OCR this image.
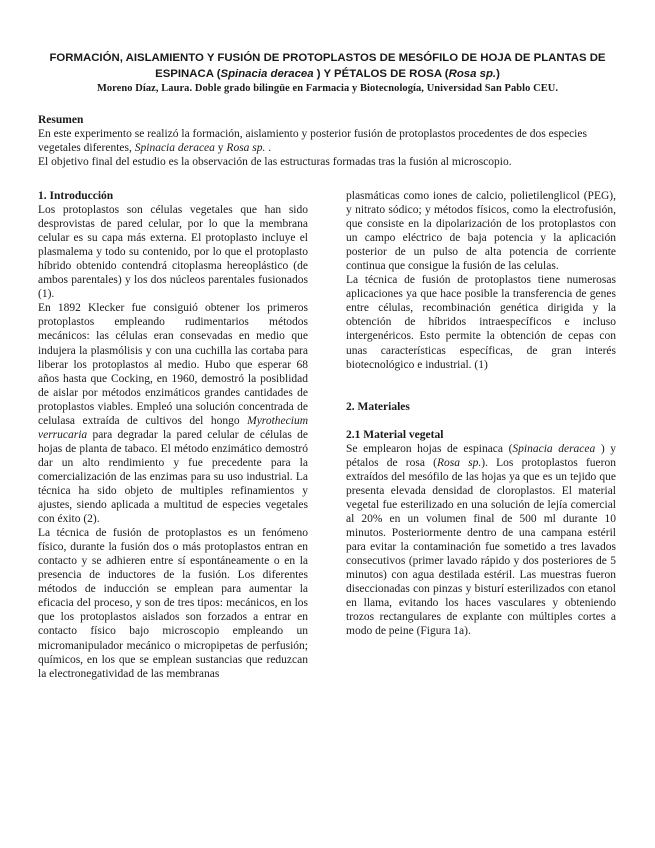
FORMACIÓN, AISLAMIENTO Y FUSIÓN DE PROTOPLASTOS DE MESÓFILO DE HOJA DE PLANTAS DE
ESPINACA (Spinacia deracea ) Y PÉTALOS DE ROSA (Rosa sp.)
Moreno Díaz, Laura. Doble grado bilingüe en Farmacia y Biotecnología, Universidad San Pablo CEU.
Resumen

En este experimento se realizó la formación, aislamiento y posterior fusión de protoplastos procedentes de dos especies vegetales diferentes, Spinacia deracea y Rosa sp. .

El objetivo final del estudio es la observación de las estructuras formadas tras la fusión al microscopio.

1. Introducción

Los protoplastos son células vegetales que han sido desprovistas de pared celular, por lo que la membrana celular es su capa más externa. El protoplasto incluye el plasmalema y todo su contenido, por lo que el protoplasto híbrido obtenido contendrá citoplasma hereoplástico (de ambos parentales) y los dos núcleos parentales fusionados (1).

En 1892 Klecker fue consiguió obtener los primeros protoplastos empleando rudimentarios métodos mecánicos: las células eran consevadas en medio que indujera la plasmólisis y con una cuchilla las cortaba para liberar los protoplastos al medio. Hubo que esperar 68 años hasta que Cocking, en 1960, demostró la posiblidad de aislar por métodos enzimáticos grandes cantidades de protoplastos viables. Empleó una solución concentrada de celulasa extraída de cultivos del hongo Myrothecium verrucaria para degradar la pared celular de células de hojas de planta de tabaco. El método enzimático demostró dar un alto rendimiento y fue precedente para la comercialización de las enzimas para su uso industrial. La técnica ha sido objeto de multiples refinamientos y ajustes, siendo aplicada a multitud de especies vegetales con éxito (2).

La técnica de fusión de protoplastos es un fenómeno físico, durante la fusión dos o más protoplastos entran en contacto y se adhieren entre sí espontáneamente o en la presencia de inductores de la fusión. Los diferentes métodos de inducción se emplean para aumentar la eficacia del proceso, y son de tres tipos: mecánicos, en los que los protoplastos aislados son forzados a entrar en contacto físico bajo microscopio empleando un micromanipulador mecánico o micropipetas de perfusión; químicos, en los que se emplean sustancias que reduzcan la electronegatividad de las membranas

plasmáticas como iones de calcio, polietilenglicol (PEG), y nitrato sódico; y métodos físicos, como la electrofusión, que consiste en la dipolarización de los protoplastos con un campo eléctrico de baja potencia y la aplicación posterior de un pulso de alta potencia de corriente continua que consigue la fusión de las celulas.

La técnica de fusión de protoplastos tiene numerosas aplicaciones ya que hace posible la transferencia de genes entre células, recombinación genética dirigida y la obtención de híbridos intraespecíficos e incluso intergenéricos. Esto permite la obtención de cepas con unas características específicas, de gran interés biotecnológico e industrial. (1)

2. Materiales

2.1 Material vegetal

Se emplearon hojas de espinaca (Spinacia deracea ) y pétalos de rosa (Rosa sp.). Los protoplastos fueron extraídos del mesófilo de las hojas ya que es un tejido que presenta elevada densidad de cloroplastos. El material vegetal fue esterilizado en una solución de lejía comercial al 20% en un volumen final de 500 ml durante 10 minutos. Posteriormente dentro de una campana estéril para evitar la contaminación fue sometido a tres lavados consecutivos (primer lavado rápido y dos posteriores de 5 minutos) con agua destilada estéril. Las muestras fueron diseccionadas con pinzas y bisturí esterilizados con etanol en llama, evitando los haces vasculares y obteniendo trozos rectangulares de explante con múltiples cortes a modo de peine (Figura 1a).
